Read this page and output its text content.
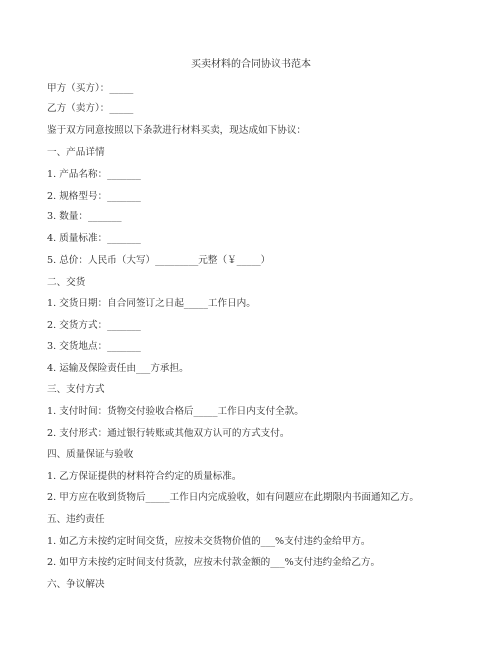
买卖材料的合同协议书范本
甲方（买方）：_____
乙方（卖方）：_____
鉴于双方同意按照以下条款进行材料买卖，现达成如下协议：
一、产品详情
1. 产品名称：_______
2. 规格型号：_______
3. 数量：_______
4. 质量标准：_______
5. 总价：人民币（大写）_________元整（￥_____）
二、交货
1. 交货日期：自合同签订之日起_____工作日内。
2. 交货方式：_______
3. 交货地点：_______
4. 运输及保险责任由___方承担。
三、支付方式
1. 支付时间：货物交付验收合格后_____工作日内支付全款。
2. 支付形式：通过银行转账或其他双方认可的方式支付。
四、质量保证与验收
1. 乙方保证提供的材料符合约定的质量标准。
2. 甲方应在收到货物后_____工作日内完成验收，如有问题应在此期限内书面通知乙方。
五、违约责任
1. 如乙方未按约定时间交货，应按未交货物价值的___%支付违约金给甲方。
2. 如甲方未按约定时间支付货款，应按未付款金额的___%支付违约金给乙方。
六、争议解决
